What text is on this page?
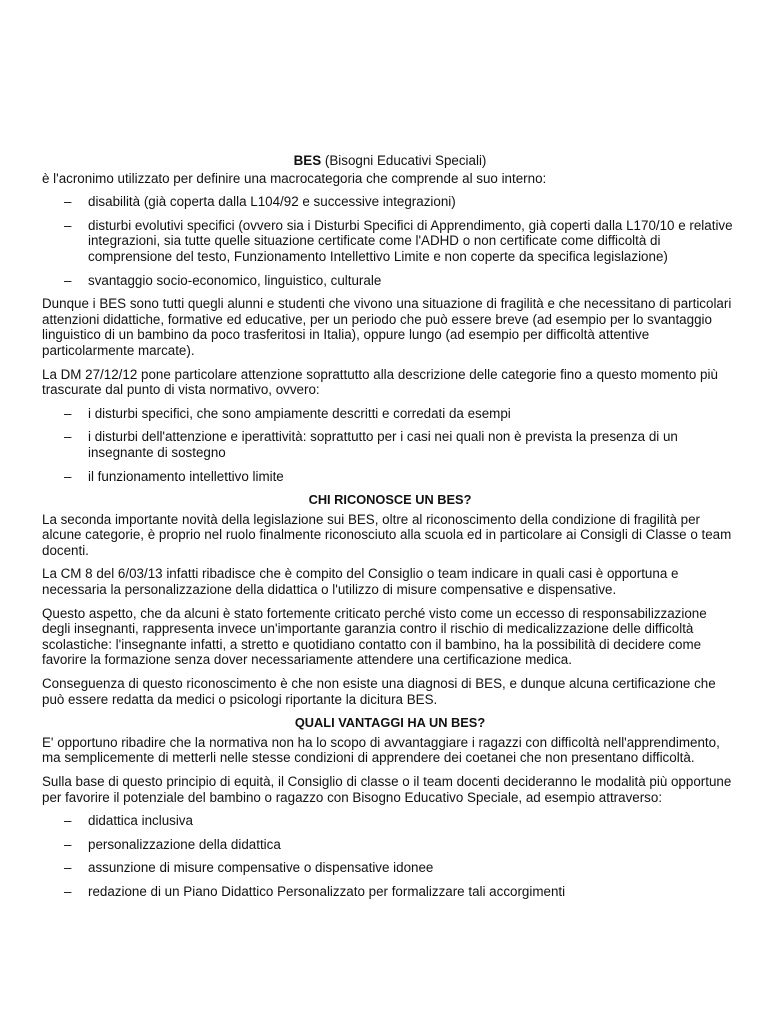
BES (Bisogni Educativi Speciali)

è l'acronimo utilizzato per definire una macrocategoria che comprende al suo interno:

– disabilità (già coperta dalla L104/92 e successive integrazioni)
– disturbi evolutivi specifici (ovvero sia i Disturbi Specifici di Apprendimento, già coperti dalla L170/10 e relative integrazioni, sia tutte quelle situazione certificate come l'ADHD o non certificate come difficoltà di comprensione del testo, Funzionamento Intellettivo Limite e non coperte da specifica legislazione)
– svantaggio socio-economico, linguistico, culturale

Dunque i BES sono tutti quegli alunni e studenti che vivono una situazione di fragilità e che necessitano di particolari attenzioni didattiche, formative ed educative, per un periodo che può essere breve (ad esempio per lo svantaggio linguistico di un bambino da poco trasferitosi in Italia), oppure lungo (ad esempio per difficoltà attentive particolarmente marcate).

La DM 27/12/12 pone particolare attenzione soprattutto alla descrizione delle categorie fino a questo momento più trascurate dal punto di vista normativo, ovvero:

– i disturbi specifici, che sono ampiamente descritti e corredati da esempi
– i disturbi dell'attenzione e iperattività: soprattutto per i casi nei quali non è prevista la presenza di un insegnante di sostegno
– il funzionamento intellettivo limite

CHI RICONOSCE UN BES?

La seconda importante novità della legislazione sui BES, oltre al riconoscimento della condizione di fragilità per alcune categorie, è proprio nel ruolo finalmente riconosciuto alla scuola ed in particolare ai Consigli di Classe o team docenti.

La CM 8 del 6/03/13 infatti ribadisce che è compito del Consiglio o team indicare in quali casi è opportuna e necessaria la personalizzazione della didattica o l'utilizzo di misure compensative e dispensative.

Questo aspetto, che da alcuni è stato fortemente criticato perché visto come un eccesso di responsabilizzazione degli insegnanti, rappresenta invece un'importante garanzia contro il rischio di medicalizzazione delle difficoltà scolastiche: l'insegnante infatti, a stretto e quotidiano contatto con il bambino, ha la possibilità di decidere come favorire la formazione senza dover necessariamente attendere una certificazione medica.

Conseguenza di questo riconoscimento è che non esiste una diagnosi di BES, e dunque alcuna certificazione che può essere redatta da medici o psicologi riportante la dicitura BES.

QUALI VANTAGGI HA UN BES?

E' opportuno ribadire che la normativa non ha lo scopo di avvantaggiare i ragazzi con difficoltà nell'apprendimento, ma semplicemente di metterli nelle stesse condizioni di apprendere dei coetanei che non presentano difficoltà.

Sulla base di questo principio di equità, il Consiglio di classe o il team docenti decideranno le modalità più opportune per favorire il potenziale del bambino o ragazzo con Bisogno Educativo Speciale, ad esempio attraverso:

– didattica inclusiva
– personalizzazione della didattica
– assunzione di misure compensative o dispensative idonee
– redazione di un Piano Didattico Personalizzato per formalizzare tali accorgimenti
